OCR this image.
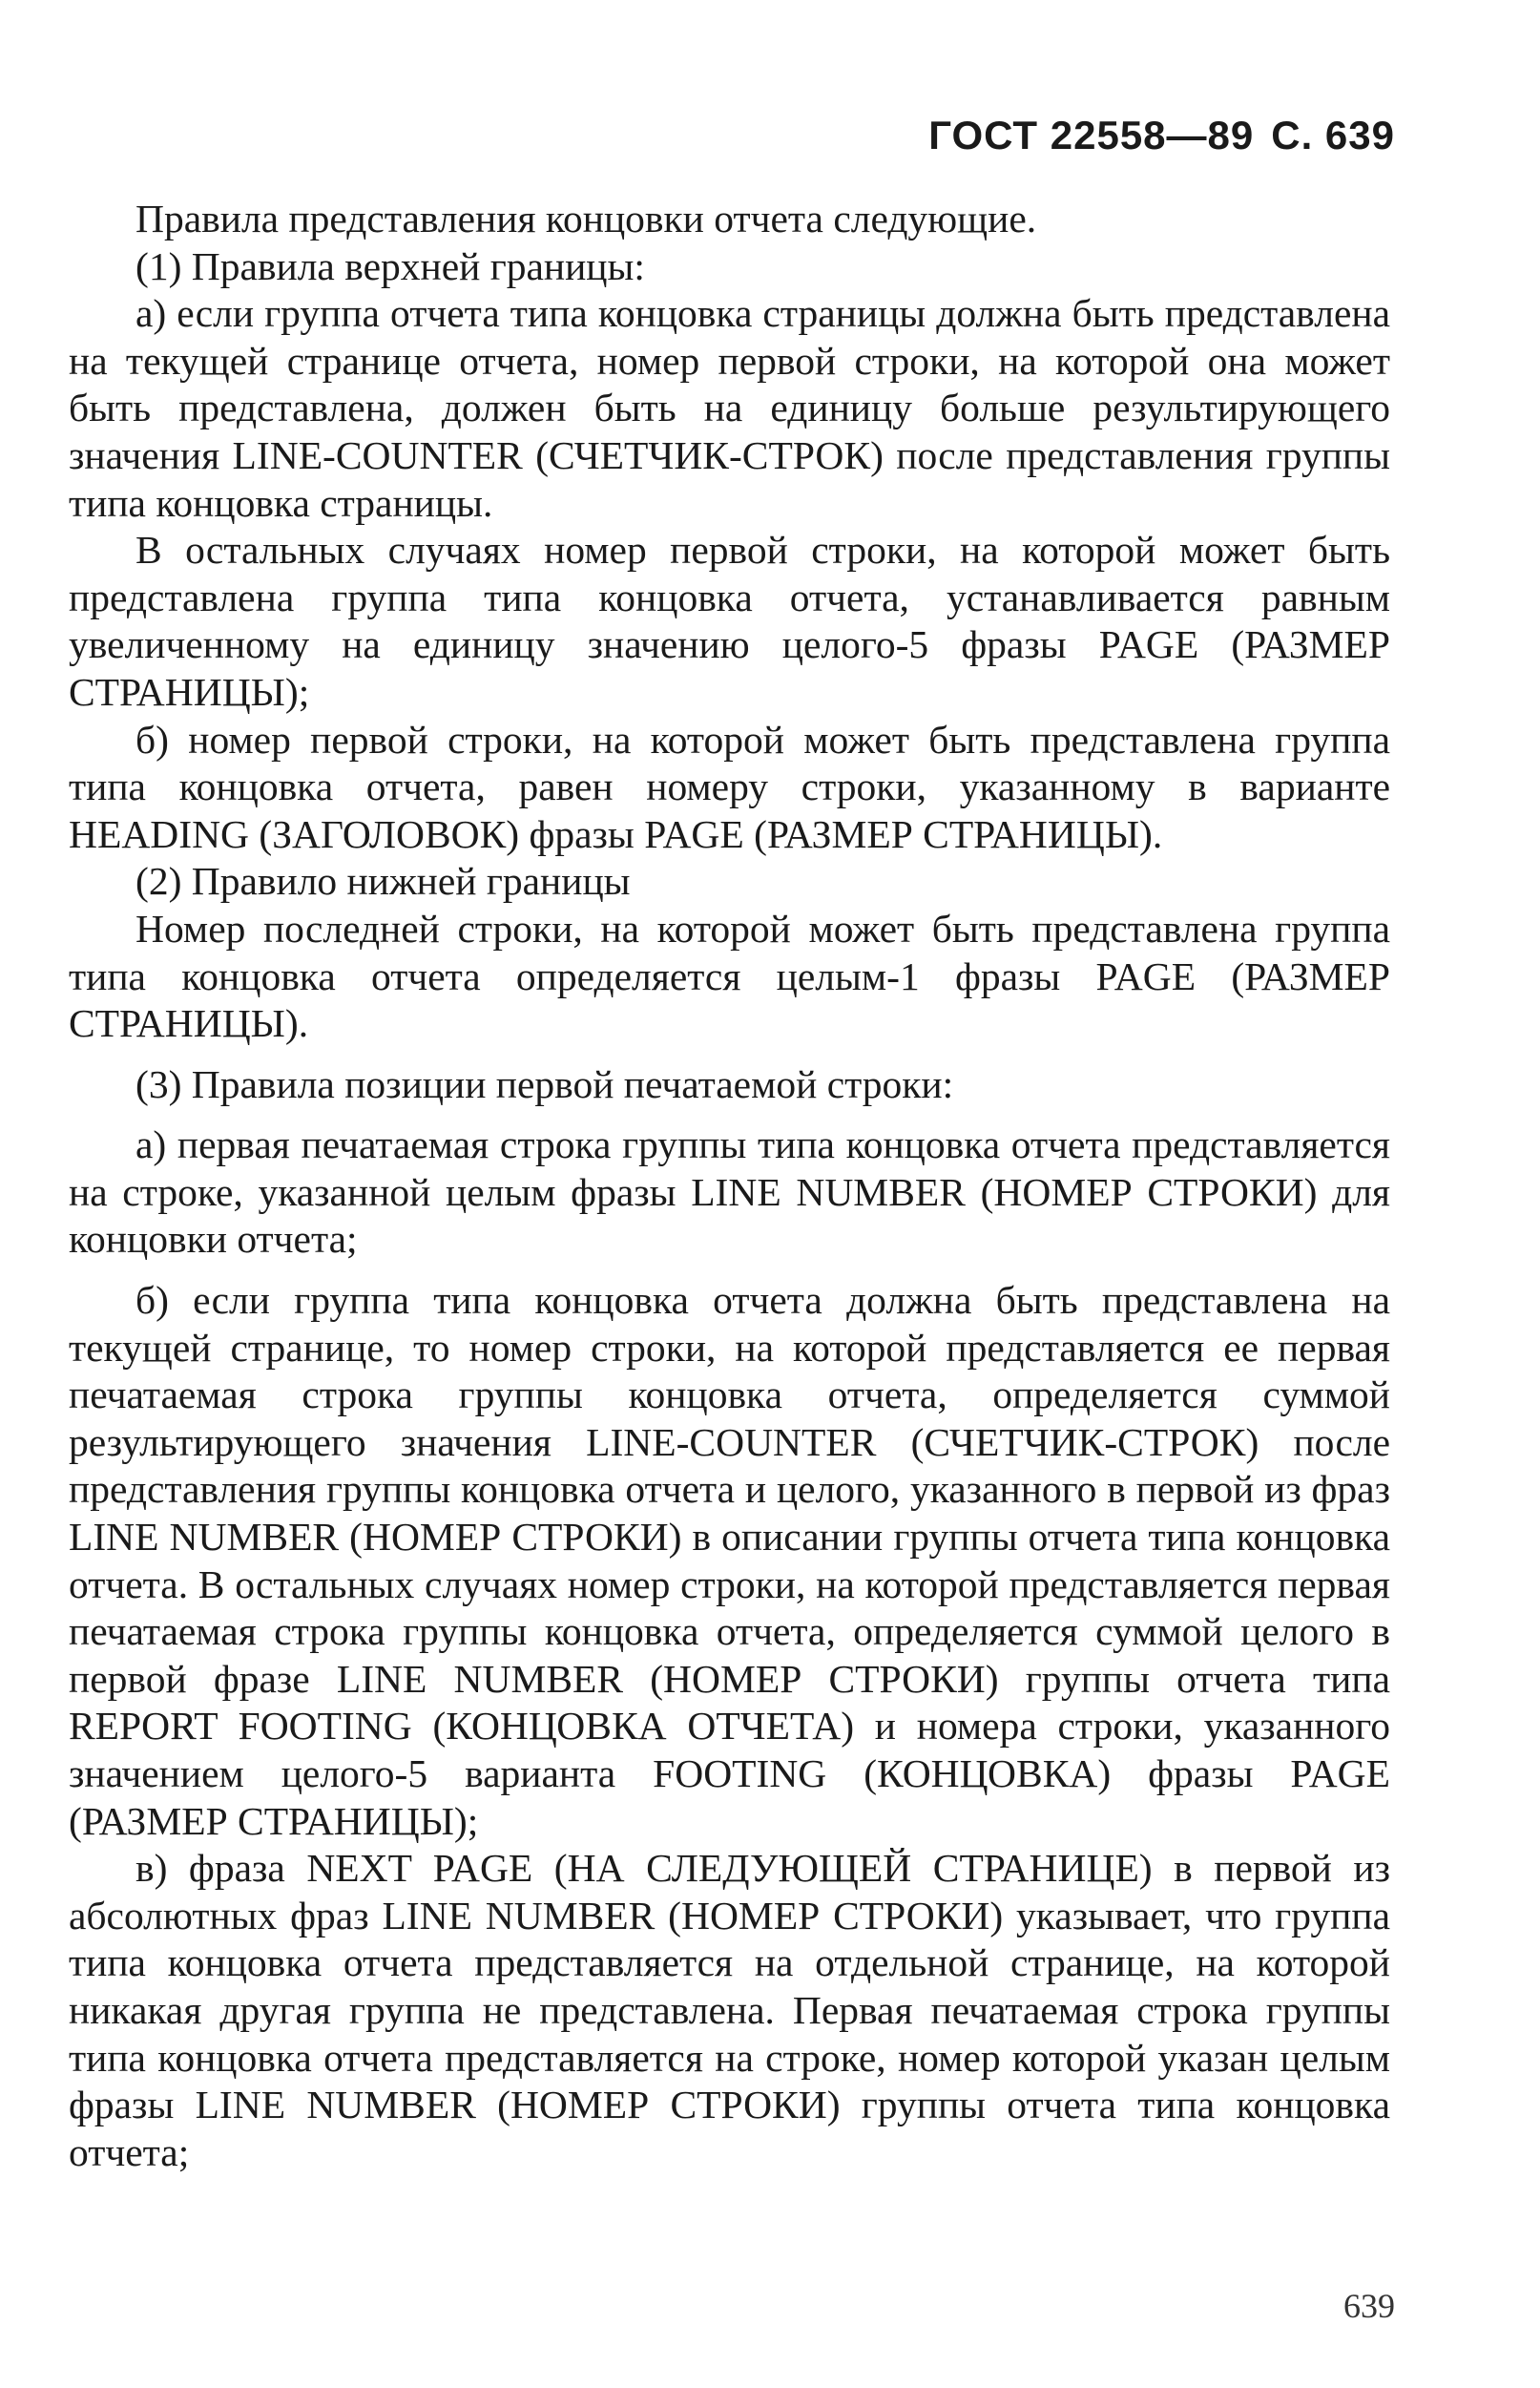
ГОСТ 22558—89 С. 639

Правила представления концовки отчета следующие.

(1) Правила верхней границы:

а) если группа отчета типа концовка страницы должна быть представлена на текущей странице отчета, номер первой строки, на которой она может быть представлена, должен быть на единицу больше результирующего значения LINE-COUNTER (СЧЕТЧИК-СТРОК) после представления группы типа концовка страницы.

В остальных случаях номер первой строки, на которой может быть представлена группа типа концовка отчета, устанавливается равным увеличенному на единицу значению целого-5 фразы PAGE (РАЗМЕР СТРАНИЦЫ);

б) номер первой строки, на которой может быть представлена группа типа концовка отчета, равен номеру строки, указанному в варианте HEADING (ЗАГОЛОВОК) фразы PAGE (РАЗМЕР СТРАНИЦЫ).

(2) Правило нижней границы

Номер последней строки, на которой может быть представлена группа типа концовка отчета определяется целым-1 фразы PAGE (РАЗМЕР СТРАНИЦЫ).

(3) Правила позиции первой печатаемой строки:

а) первая печатаемая строка группы типа концовка отчета представляется на строке, указанной целым фразы LINE NUMBER (НОМЕР СТРОКИ) для концовки отчета;

б) если группа типа концовка отчета должна быть представлена на текущей странице, то номер строки, на которой представляется ее первая печатаемая строка группы концовка отчета, определяется суммой результирующего значения LINE-COUNTER (СЧЕТЧИК-СТРОК) после представления группы концовка отчета и целого, указанного в первой из фраз LINE NUMBER (НОМЕР СТРОКИ) в описании группы отчета типа концовка отчета. В остальных случаях номер строки, на которой представляется первая печатаемая строка группы концовка отчета, определяется суммой целого в первой фразе LINE NUMBER (НОМЕР СТРОКИ) группы отчета типа REPORT FOOTING (КОНЦОВКА ОТЧЕТА) и номера строки, указанного значением целого-5 варианта FOOTING (КОНЦОВКА) фразы PAGE (РАЗМЕР СТРАНИЦЫ);

в) фраза NEXT PAGE (НА СЛЕДУЮЩЕЙ СТРАНИЦЕ) в первой из абсолютных фраз LINE NUMBER (НОМЕР СТРОКИ) указывает, что группа типа концовка отчета представляется на отдельной странице, на которой никакая другая группа не представлена. Первая печатаемая строка группы типа концовка отчета представляется на строке, номер которой указан целым фразы LINE NUMBER (НОМЕР СТРОКИ) группы отчета типа концовка отчета;

639
